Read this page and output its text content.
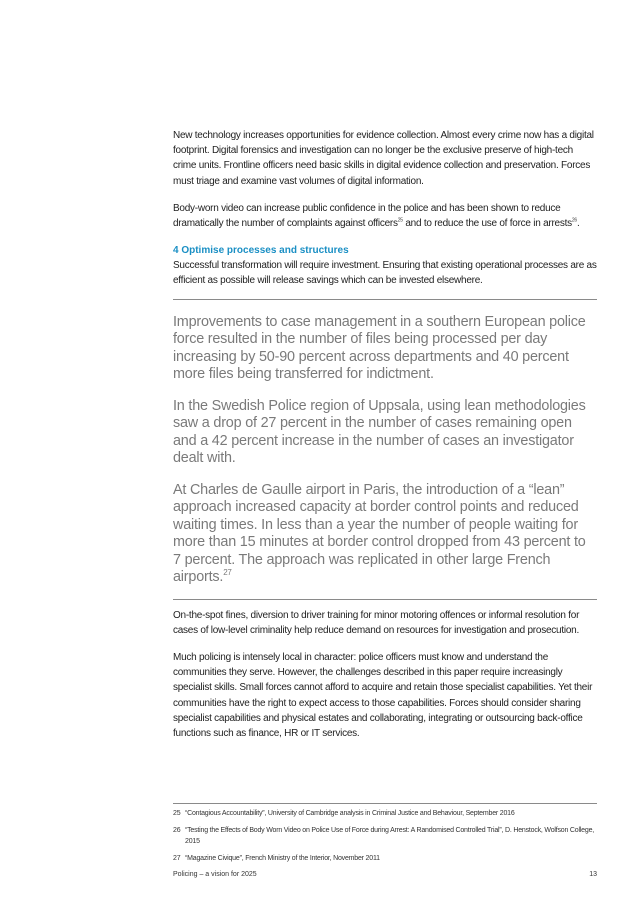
New technology increases opportunities for evidence collection. Almost every crime now has a digital footprint. Digital forensics and investigation can no longer be the exclusive preserve of high-tech crime units. Frontline officers need basic skills in digital evidence collection and preservation. Forces must triage and examine vast volumes of digital information.

Body-worn video can increase public confidence in the police and has been shown to reduce dramatically the number of complaints against officers$^{25}$ and to reduce the use of force in arrests$^{26}$.

4 Optimise processes and structures

Successful transformation will require investment. Ensuring that existing operational processes are as efficient as possible will release savings which can be invested elsewhere.

Improvements to case management in a southern European police force resulted in the number of files being processed per day increasing by 50-90 percent across departments and 40 percent more files being transferred for indictment.

In the Swedish Police region of Uppsala, using lean methodologies saw a drop of 27 percent in the number of cases remaining open and a 42 percent increase in the number of cases an investigator dealt with.

At Charles de Gaulle airport in Paris, the introduction of a “lean” approach increased capacity at border control points and reduced waiting times. In less than a year the number of people waiting for more than 15 minutes at border control dropped from 43 percent to 7 percent. The approach was replicated in other large French airports.$^{27}$

On-the-spot fines, diversion to driver training for minor motoring offences or informal resolution for cases of low-level criminality help reduce demand on resources for investigation and prosecution.

Much policing is intensely local in character: police officers must know and understand the communities they serve. However, the challenges described in this paper require increasingly specialist skills. Small forces cannot afford to acquire and retain those specialist capabilities. Yet their communities have the right to expect access to those capabilities. Forces should consider sharing specialist capabilities and physical estates and collaborating, integrating or outsourcing back-office functions such as finance, HR or IT services.

25 “Contagious Accountability”, University of Cambridge analysis in Criminal Justice and Behaviour, September 2016
26 “Testing the Effects of Body Worn Video on Police Use of Force during Arrest: A Randomised Controlled Trial”, D. Henstock, Wolfson College, 2015
27 “Magazine Civique”, French Ministry of the Interior, November 2011
Policing – a vision for 2025	13
